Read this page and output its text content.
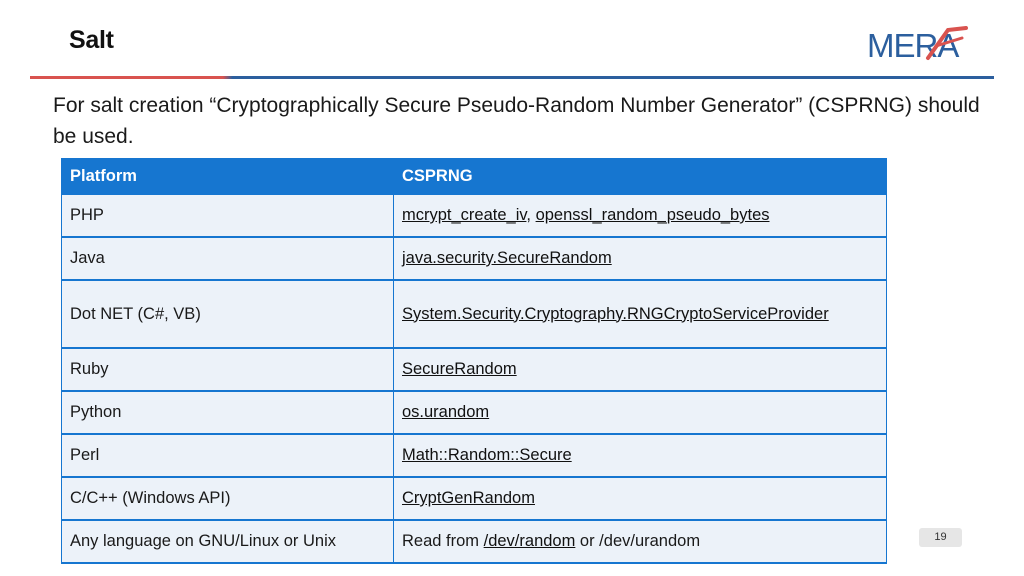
Salt	MERA
For salt creation “Cryptographically Secure Pseudo-Random Number Generator” (CSPRNG) should be used.
Platform	CSPRNG
PHP	mcrypt_create_iv, openssl_random_pseudo_bytes
Java	java.security.SecureRandom
Dot NET (C#, VB)	System.Security.Cryptography.RNGCryptoServiceProvider
Ruby	SecureRandom
Python	os.urandom
Perl	Math::Random::Secure
C/C++ (Windows API)	CryptGenRandom
Any language on GNU/Linux or Unix	Read from /dev/random or /dev/urandom	19
